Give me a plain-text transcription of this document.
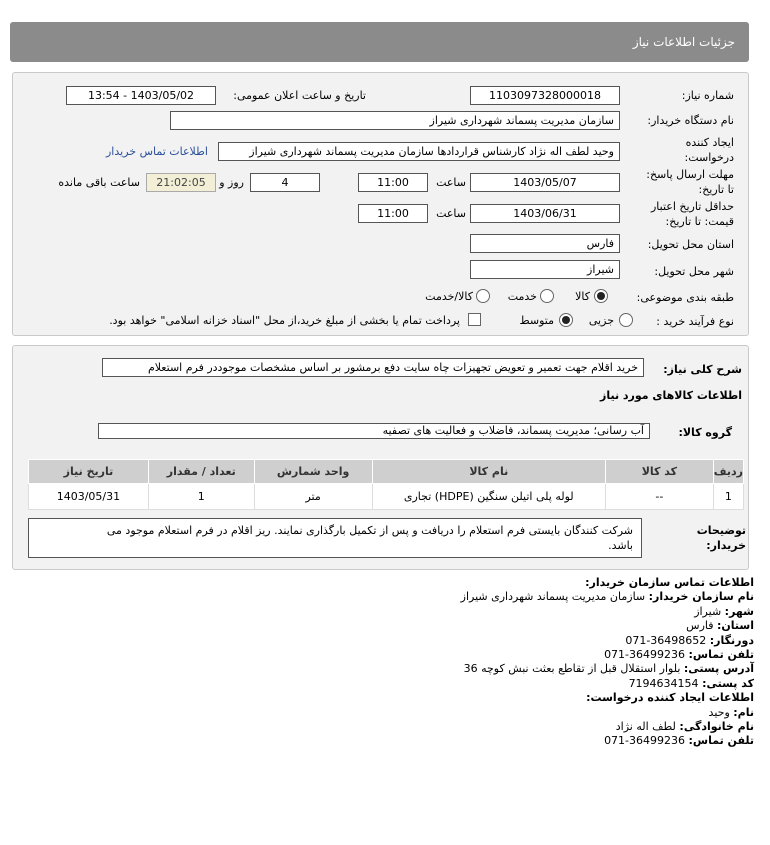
جزئیات اطلاعات نیاز
شماره نیاز:
1103097328000018
تاریخ و ساعت اعلان عمومی:
1403/05/02 - 13:54
نام دستگاه خریدار:
سازمان مدیریت پسماند شهرداری شیراز
ایجاد کننده
درخواست:
وحید لطف اله نژاد کارشناس قراردادها سازمان مدیریت پسماند شهرداری شیراز
اطلاعات تماس خریدار
مهلت ارسال پاسخ:
تا تاریخ:
1403/05/07
ساعت
11:00
4
روز و
21:02:05
ساعت باقی مانده
حداقل تاریخ اعتبار
قیمت: تا تاریخ:
1403/06/31
ساعت
11:00
استان محل تحویل:
فارس
شهر محل تحویل:
شیراز
طبقه بندی موضوعی:
کالا
خدمت
کالا/خدمت
نوع فرآیند خرید :
جزیی
متوسط
پرداخت تمام یا بخشی از مبلغ خرید،از محل "اسناد خزانه اسلامی" خواهد بود.
شرح کلی نیاز:
خرید اقلام جهت تعمیر و تعویض تجهیزات چاه سایت دفع برمشور بر اساس مشخصات موجوددر فرم استعلام
اطلاعات کالاهای مورد نیاز
گروه کالا:
آب رسانی؛ مدیریت پسماند، فاضلاب و فعالیت های تصفیه
ردیف	کد کالا	نام کالا	واحد شمارش	تعداد / مقدار	تاریخ نیاز
1	--	لوله پلی اتیلن سنگین (HDPE) تجاری	متر	1	1403/05/31
توضیحات
خریدار:
شرکت کنندگان بایستی فرم استعلام را دریافت و پس از تکمیل بارگذاری نمایند. ریز اقلام در فرم استعلام موجود می
باشد.
اطلاعات تماس سازمان خریدار:
نام سازمان خریدار: سازمان مدیریت پسماند شهرداری شیراز
شهر: شیراز
استان: فارس
دورنگار: 071-36498652
تلفن تماس: 071-36499236
آدرس پستی: بلوار استقلال قبل از تقاطع بعثت نبش کوچه 36
کد پستی: 7194634154
اطلاعات ایجاد کننده درخواست:
نام: وحید
نام خانوادگی: لطف اله نژاد
تلفن تماس: 071-36499236
